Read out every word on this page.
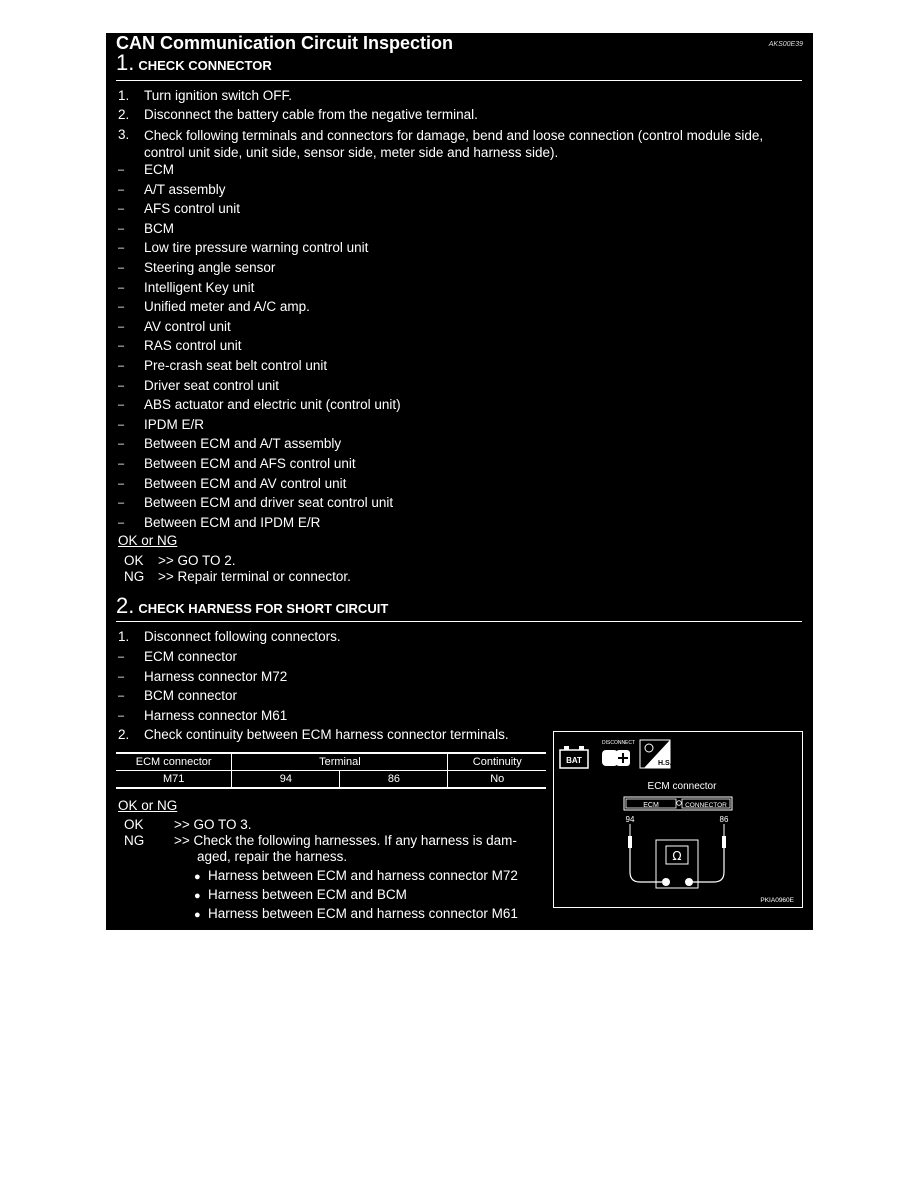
CAN Communication Circuit Inspection	AKS00E39
1. CHECK CONNECTOR
1. Turn ignition switch OFF.
2. Disconnect the battery cable from the negative terminal.
3. Check following terminals and connectors for damage, bend and loose connection (control module side, control unit side, unit side, sensor side, meter side and harness side).
– ECM
– A/T assembly
– AFS control unit
– BCM
– Low tire pressure warning control unit
– Steering angle sensor
– Intelligent Key unit
– Unified meter and A/C amp.
– AV control unit
– RAS control unit
– Pre-crash seat belt control unit
– Driver seat control unit
– ABS actuator and electric unit (control unit)
– IPDM E/R
– Between ECM and A/T assembly
– Between ECM and AFS control unit
– Between ECM and AV control unit
– Between ECM and driver seat control unit
– Between ECM and IPDM E/R
OK or NG
OK >> GO TO 2.
NG >> Repair terminal or connector.
2. CHECK HARNESS FOR SHORT CIRCUIT
1. Disconnect following connectors.
– ECM connector
– Harness connector M72
– BCM connector
– Harness connector M61
2. Check continuity between ECM harness connector terminals.
ECM connector	Terminal		Continuity
M71	94	86	No
OK or NG
OK >> GO TO 3.
NG >> Check the following harnesses. If any harness is dam-
aged, repair the harness.
● Harness between ECM and harness connector M72
● Harness between ECM and BCM
● Harness between ECM and harness connector M61
BAT
DISCONNECT
H.S.
ECM connector
ECM	CONNECTOR
94	86
Ω
PKIA0960E
